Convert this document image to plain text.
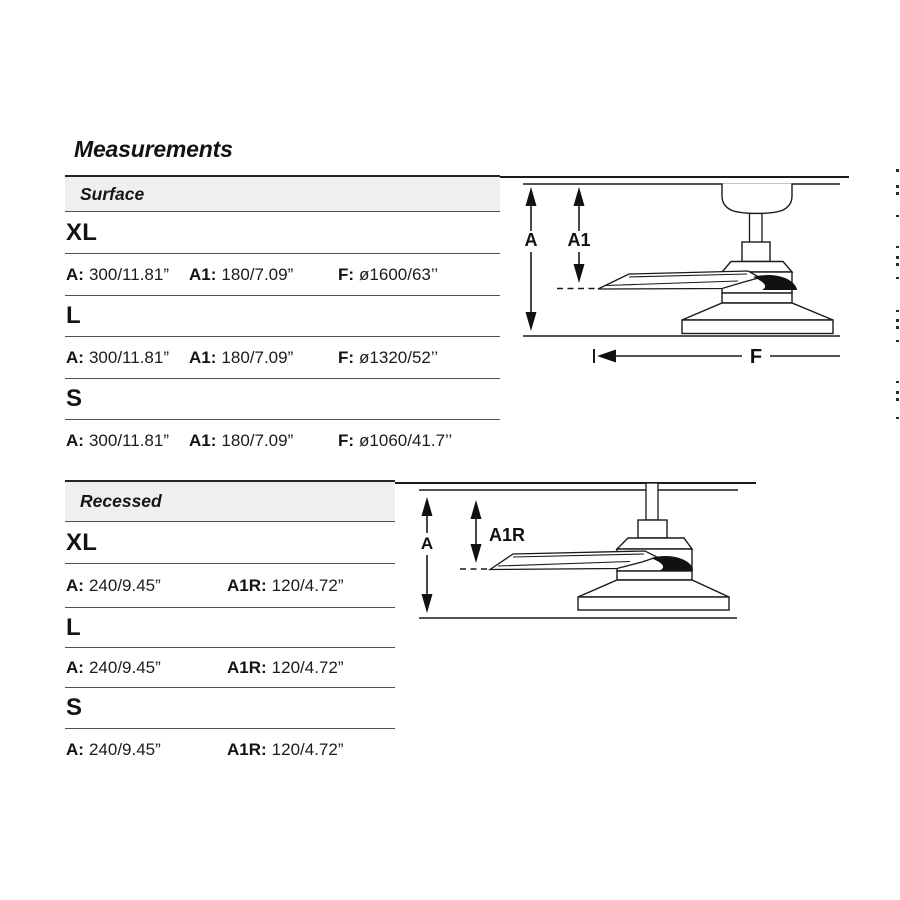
Measurements
Surface
XL
A: 300/11.81” A1: 180/7.09”	F: ø1600/63’’
L
A: 300/11.81” A1: 180/7.09”	F: ø1320/52’’
S
A: 300/11.81” A1: 180/7.09”	F: ø1060/41.7’’
A A1
F
Recessed
XL
A: 240/9.45”	A1R: 120/4.72”
L
A: 240/9.45”	A1R: 120/4.72”
S
A: 240/9.45”	A1R: 120/4.72”
A	A1R
